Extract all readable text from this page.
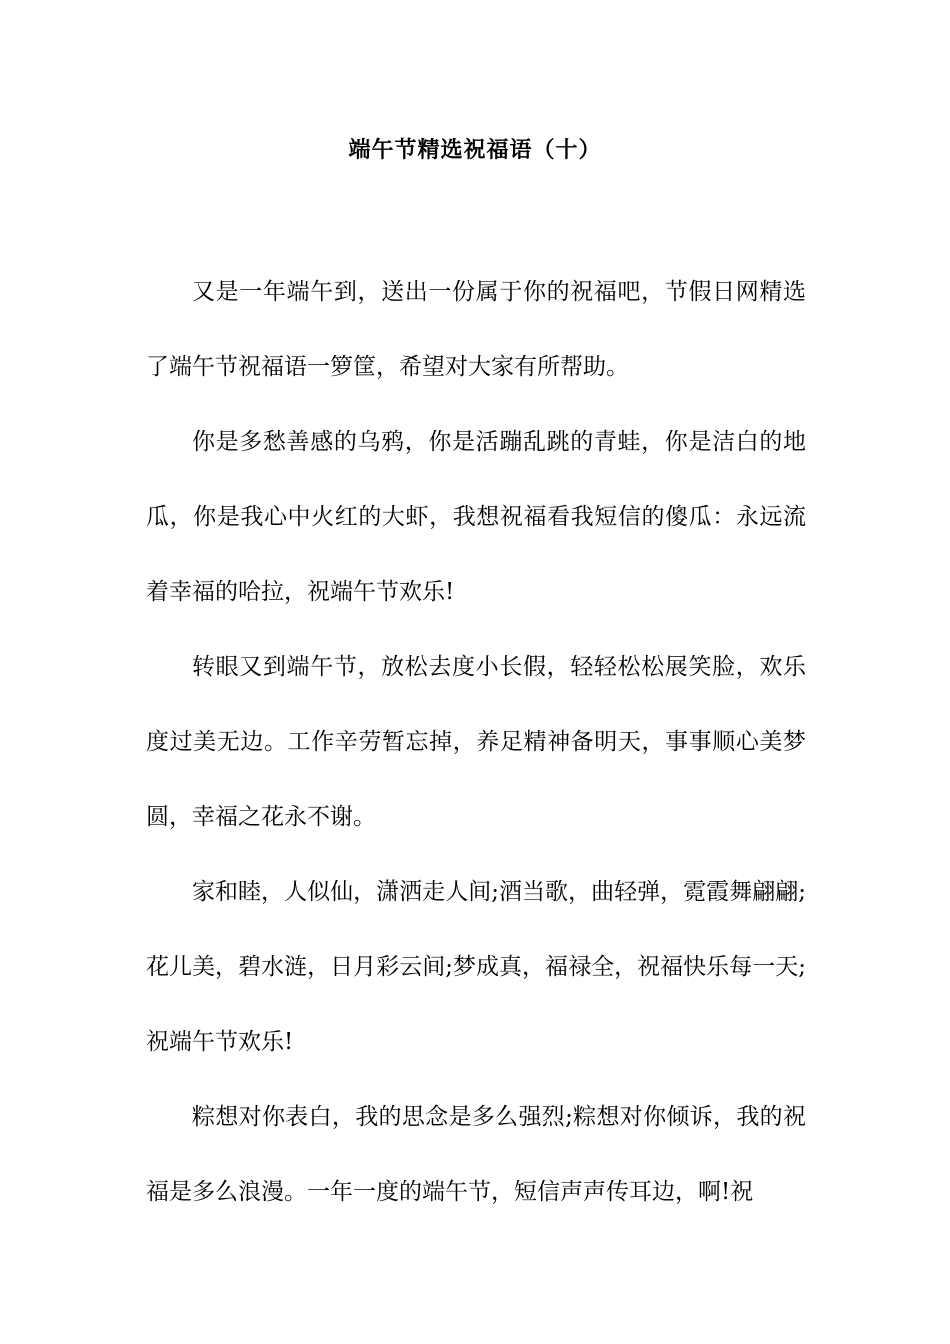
端午节精选祝福语（十）

又是一年端午到，送出一份属于你的祝福吧，节假日网精选了端午节祝福语一箩筐，希望对大家有所帮助。

你是多愁善感的乌鸦，你是活蹦乱跳的青蛙，你是洁白的地瓜，你是我心中火红的大虾，我想祝福看我短信的傻瓜：永远流着幸福的哈拉，祝端午节欢乐!

转眼又到端午节，放松去度小长假，轻轻松松展笑脸，欢乐度过美无边。工作辛劳暂忘掉，养足精神备明天，事事顺心美梦圆，幸福之花永不谢。

家和睦，人似仙，潇洒走人间;酒当歌，曲轻弹，霓霞舞翩翩;花儿美，碧水涟，日月彩云间;梦成真，福禄全，祝福快乐每一天;祝端午节欢乐!

粽想对你表白，我的思念是多么强烈;粽想对你倾诉，我的祝福是多么浪漫。一年一度的端午节，短信声声传耳边，啊!祝
